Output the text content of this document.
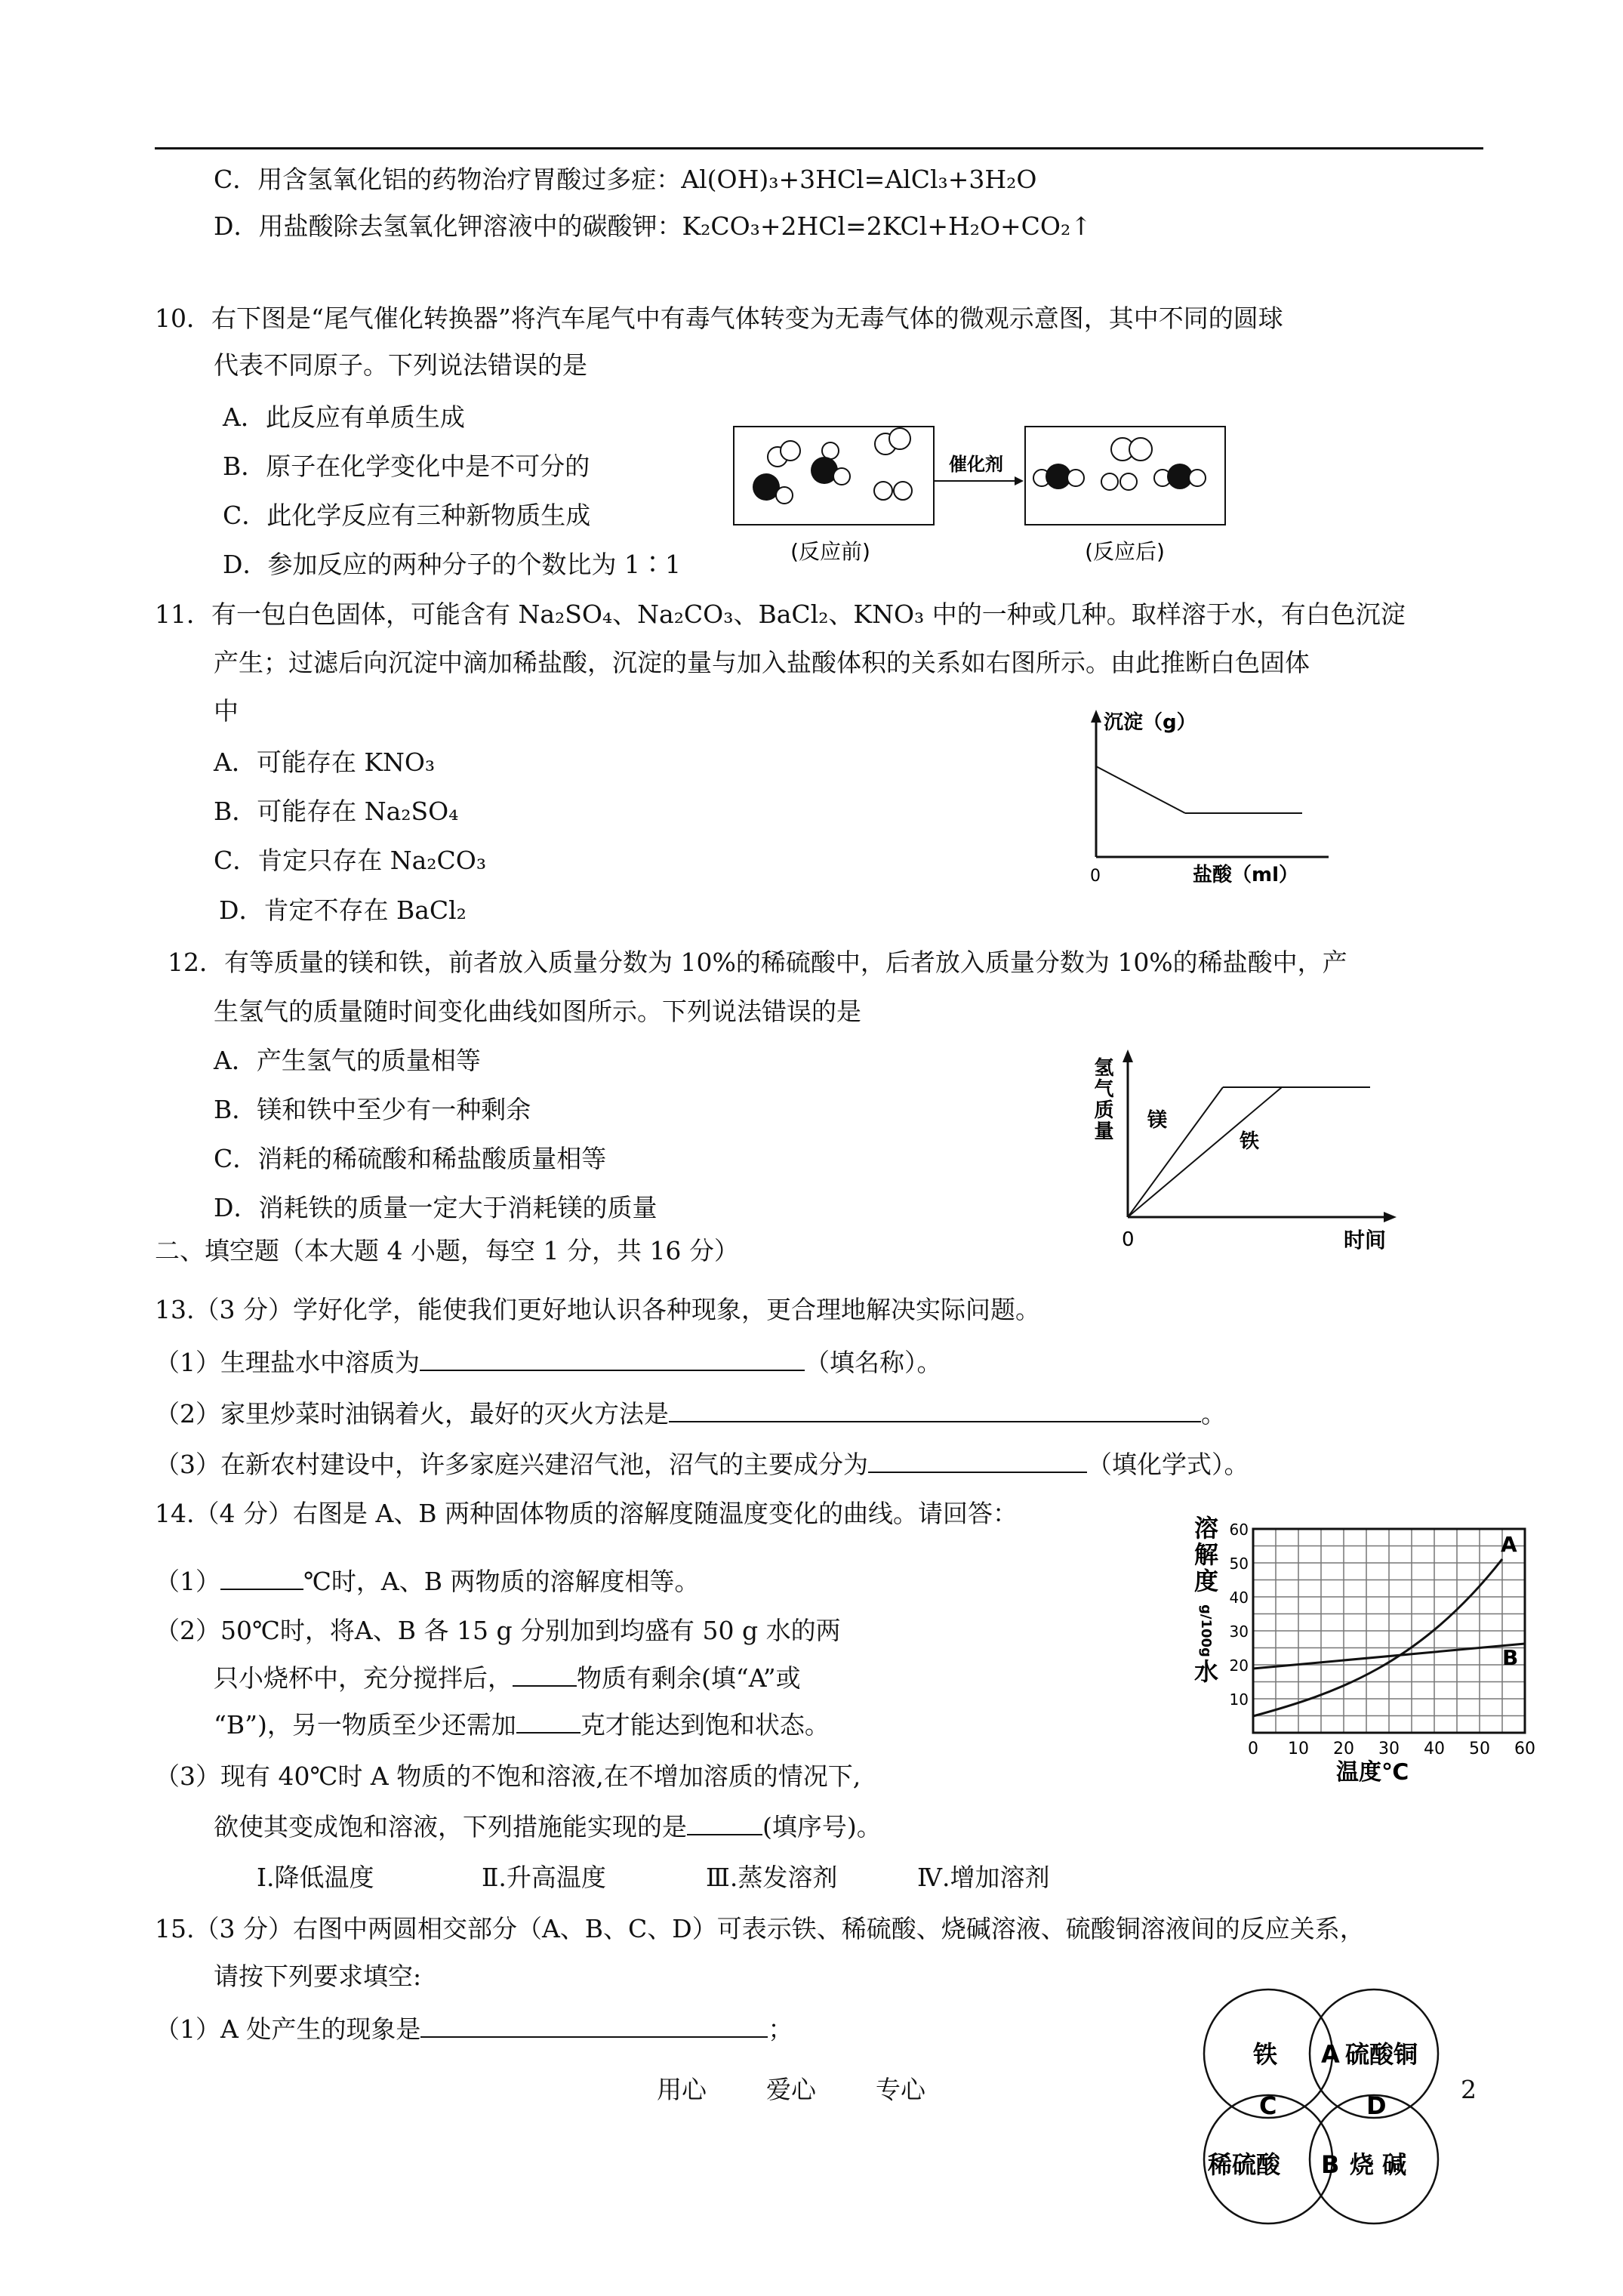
C．用含氢氧化铝的药物治疗胃酸过多症：Al(OH)₃+3HCl=AlCl₃+3H₂O
D．用盐酸除去氢氧化钾溶液中的碳酸钾：K₂CO₃+2HCl=2KCl+H₂O+CO₂↑
10．右下图是“尾气催化转换器”将汽车尾气中有毒气体转变为无毒气体的微观示意图，其中不同的圆球
代表不同原子。下列说法错误的是
A．此反应有单质生成
B．原子在化学变化中是不可分的
C．此化学反应有三种新物质生成
D．参加反应的两种分子的个数比为 1∶1
催化剂
(反应前)	(反应后)
11．有一包白色固体，可能含有 Na₂SO₄、Na₂CO₃、BaCl₂、KNO₃ 中的一种或几种。取样溶于水，有白色沉淀
产生；过滤后向沉淀中滴加稀盐酸，沉淀的量与加入盐酸体积的关系如右图所示。由此推断白色固体
中
A．可能存在 KNO₃
B．可能存在 Na₂SO₄
C．肯定只存在 Na₂CO₃
D．肯定不存在 BaCl₂
沉淀（g）
0	盐酸（ml）
12．有等质量的镁和铁，前者放入质量分数为 10%的稀硫酸中，后者放入质量分数为 10%的稀盐酸中，产
生氢气的质量随时间变化曲线如图所示。下列说法错误的是
A．产生氢气的质量相等
B．镁和铁中至少有一种剩余
C．消耗的稀硫酸和稀盐酸质量相等
D．消耗铁的质量一定大于消耗镁的质量
氢气质量 镁
铁
0	时间
二、填空题（本大题 4 小题，每空 1 分，共 16 分）
13.（3 分）学好化学，能使我们更好地认识各种现象，更合理地解决实际问题。
（1）生理盐水中溶质为	（填名称）。
（2）家里炒菜时油锅着火，最好的灭火方法是	。
（3）在新农村建设中，许多家庭兴建沼气池，沼气的主要成分为	（填化学式）。
14.（4 分）右图是 A、B 两种固体物质的溶解度随温度变化的曲线。请回答：
（1）	℃时，A、B 两物质的溶解度相等。
（2）50℃时，将A、B 各 15 g 分别加到均盛有 50 g 水的两
只小烧杯中，充分搅拌后，	物质有剩余(填“A”或
“B”)，另一物质至少还需加	克才能达到饱和状态。
（3）现有 40℃时 A 物质的不饱和溶液,在不增加溶质的情况下,
欲使其变成饱和溶液，下列措施能实现的是	(填序号)。
Ⅰ.降低温度	Ⅱ.升高温度	Ⅲ.蒸发溶剂	Ⅳ.增加溶剂
A
B
60
50
40
30
20
10
0 10 20 30 40 50 60
溶
解
度
g/100g
水
温度℃
15.（3 分）右图中两圆相交部分（A、B、C、D）可表示铁、稀硫酸、烧碱溶液、硫酸铜溶液间的反应关系，
请按下列要求填空:
（1）A 处产生的现象是	；
铁 A 硫酸铜
C	D
稀硫酸 B 烧 碱
用心 爱心 专心	2
